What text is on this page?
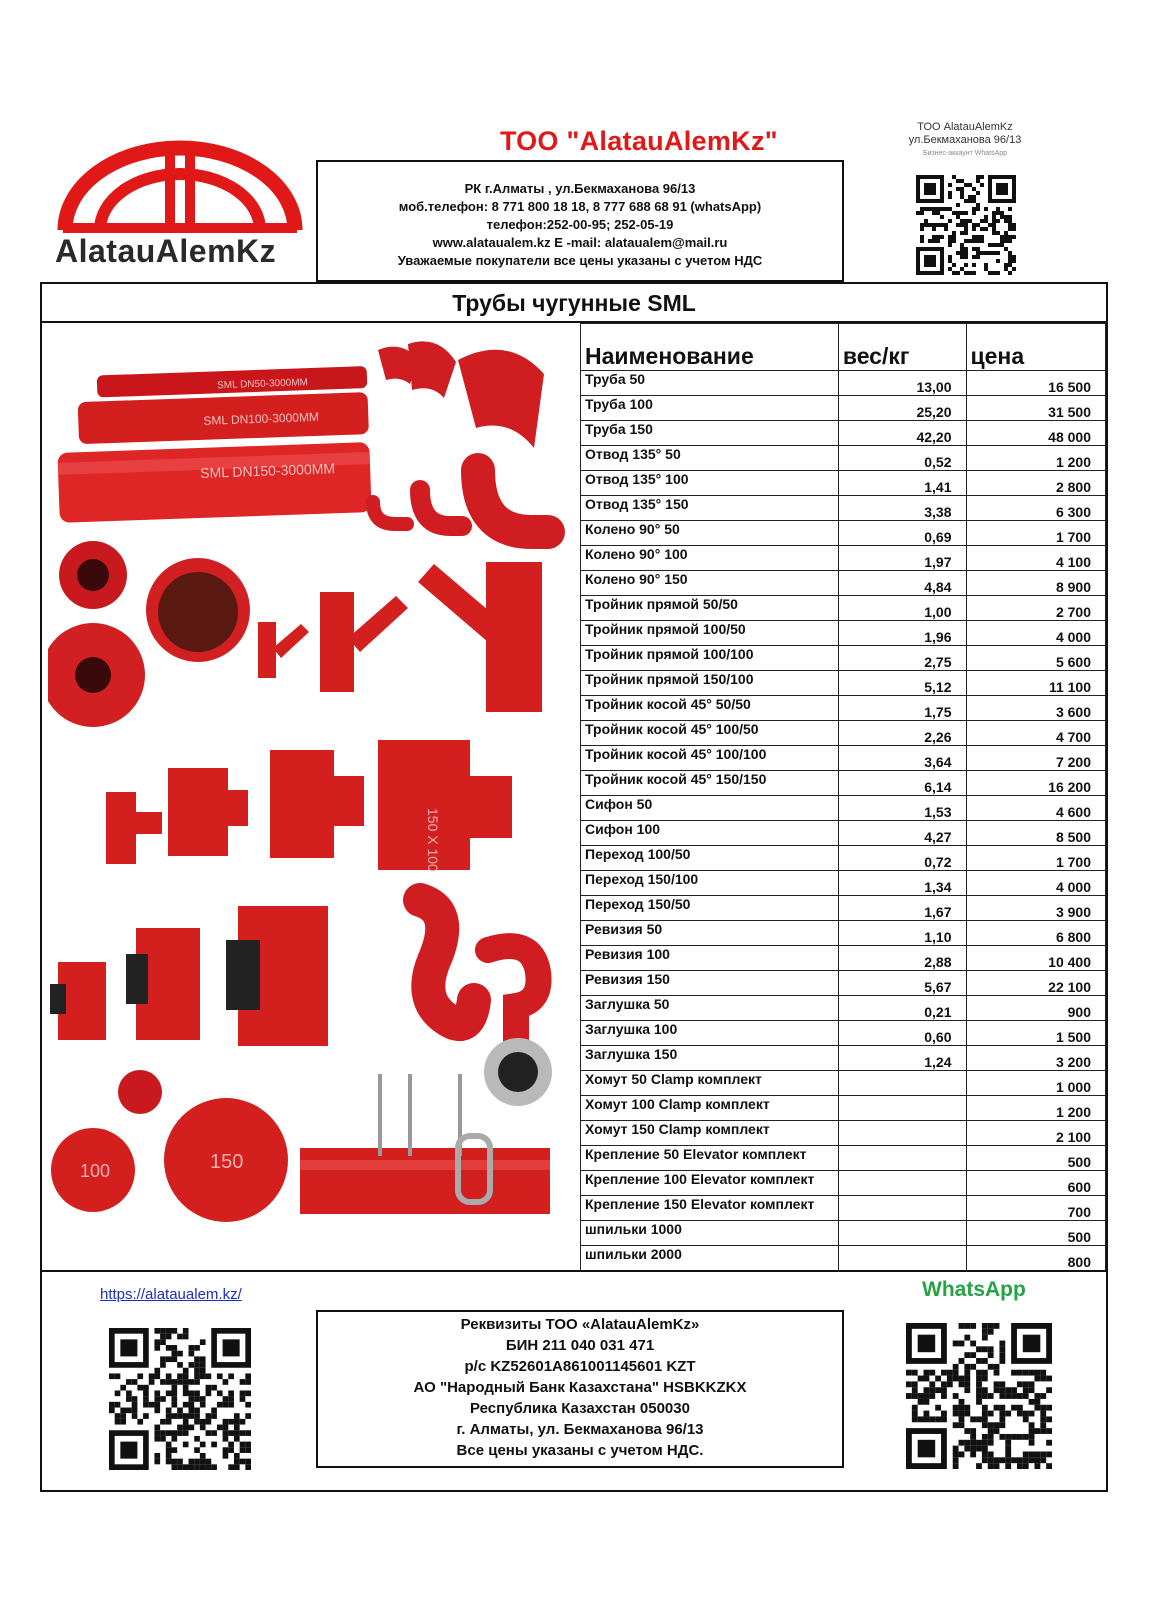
AlatauAlemKz
ТОО "AlatauAlemKz"
РК г.Алматы , ул.Бекмаханова 96/13
моб.телефон: 8 771 800 18 18, 8 777 688 68 91 (whatsApp)
телефон:252-00-95; 252-05-19
www.alataualem.kz E -mail: alataualem@mail.ru
Уважаемые покупатели все цены указаны с учетом НДС
ТОО AlatauAlemKz
ул.Бекмаханова 96/13
Бизнес-аккаунт WhatsApp
Трубы чугунные SML
SML DN50-3000MM
SML DN100-3000MM
SML DN150-3000MM
150 X 100
100	150
Наименование	вес/кг	цена
Труба 50	13,00	16 500
Труба 100	25,20	31 500
Труба 150	42,20	48 000
Отвод 135° 50	0,52	1 200
Отвод 135° 100	1,41	2 800
Отвод 135° 150	3,38	6 300
Колено 90° 50	0,69	1 700
Колено 90° 100	1,97	4 100
Колено 90° 150	4,84	8 900
Тройник прямой 50/50	1,00	2 700
Тройник прямой 100/50	1,96	4 000
Тройник прямой 100/100	2,75	5 600
Тройник прямой 150/100	5,12	11 100
Тройник косой 45° 50/50	1,75	3 600
Тройник косой 45° 100/50	2,26	4 700
Тройник косой 45° 100/100	3,64	7 200
Тройник косой 45° 150/150	6,14	16 200
Сифон 50	1,53	4 600
Сифон 100	4,27	8 500
Переход 100/50	0,72	1 700
Переход 150/100	1,34	4 000
Переход 150/50	1,67	3 900
Ревизия 50	1,10	6 800
Ревизия 100	2,88	10 400
Ревизия 150	5,67	22 100
Заглушка 50	0,21	900
Заглушка 100	0,60	1 500
Заглушка 150	1,24	3 200
Хомут 50 Clamp комплект		1 000
Хомут 100 Clamp комплект		1 200
Хомут 150 Clamp комплект		2 100
Крепление 50 Elevator комплект		500
Крепление 100 Elevator комплект		600
Крепление 150 Elevator комплект		700
шпильки 1000		500
шпильки 2000		800
https://alataualem.kz/
Реквизиты ТОО «AlatauAlemKz»
БИН 211 040 031 471
р/с KZ52601A861001145601 KZT
АО "Народный Банк Казахстана" HSBKKZKX
Республика Казахстан 050030
г. Алматы, ул. Бекмаханова 96/13
Все цены указаны с учетом НДС.
WhatsApp
